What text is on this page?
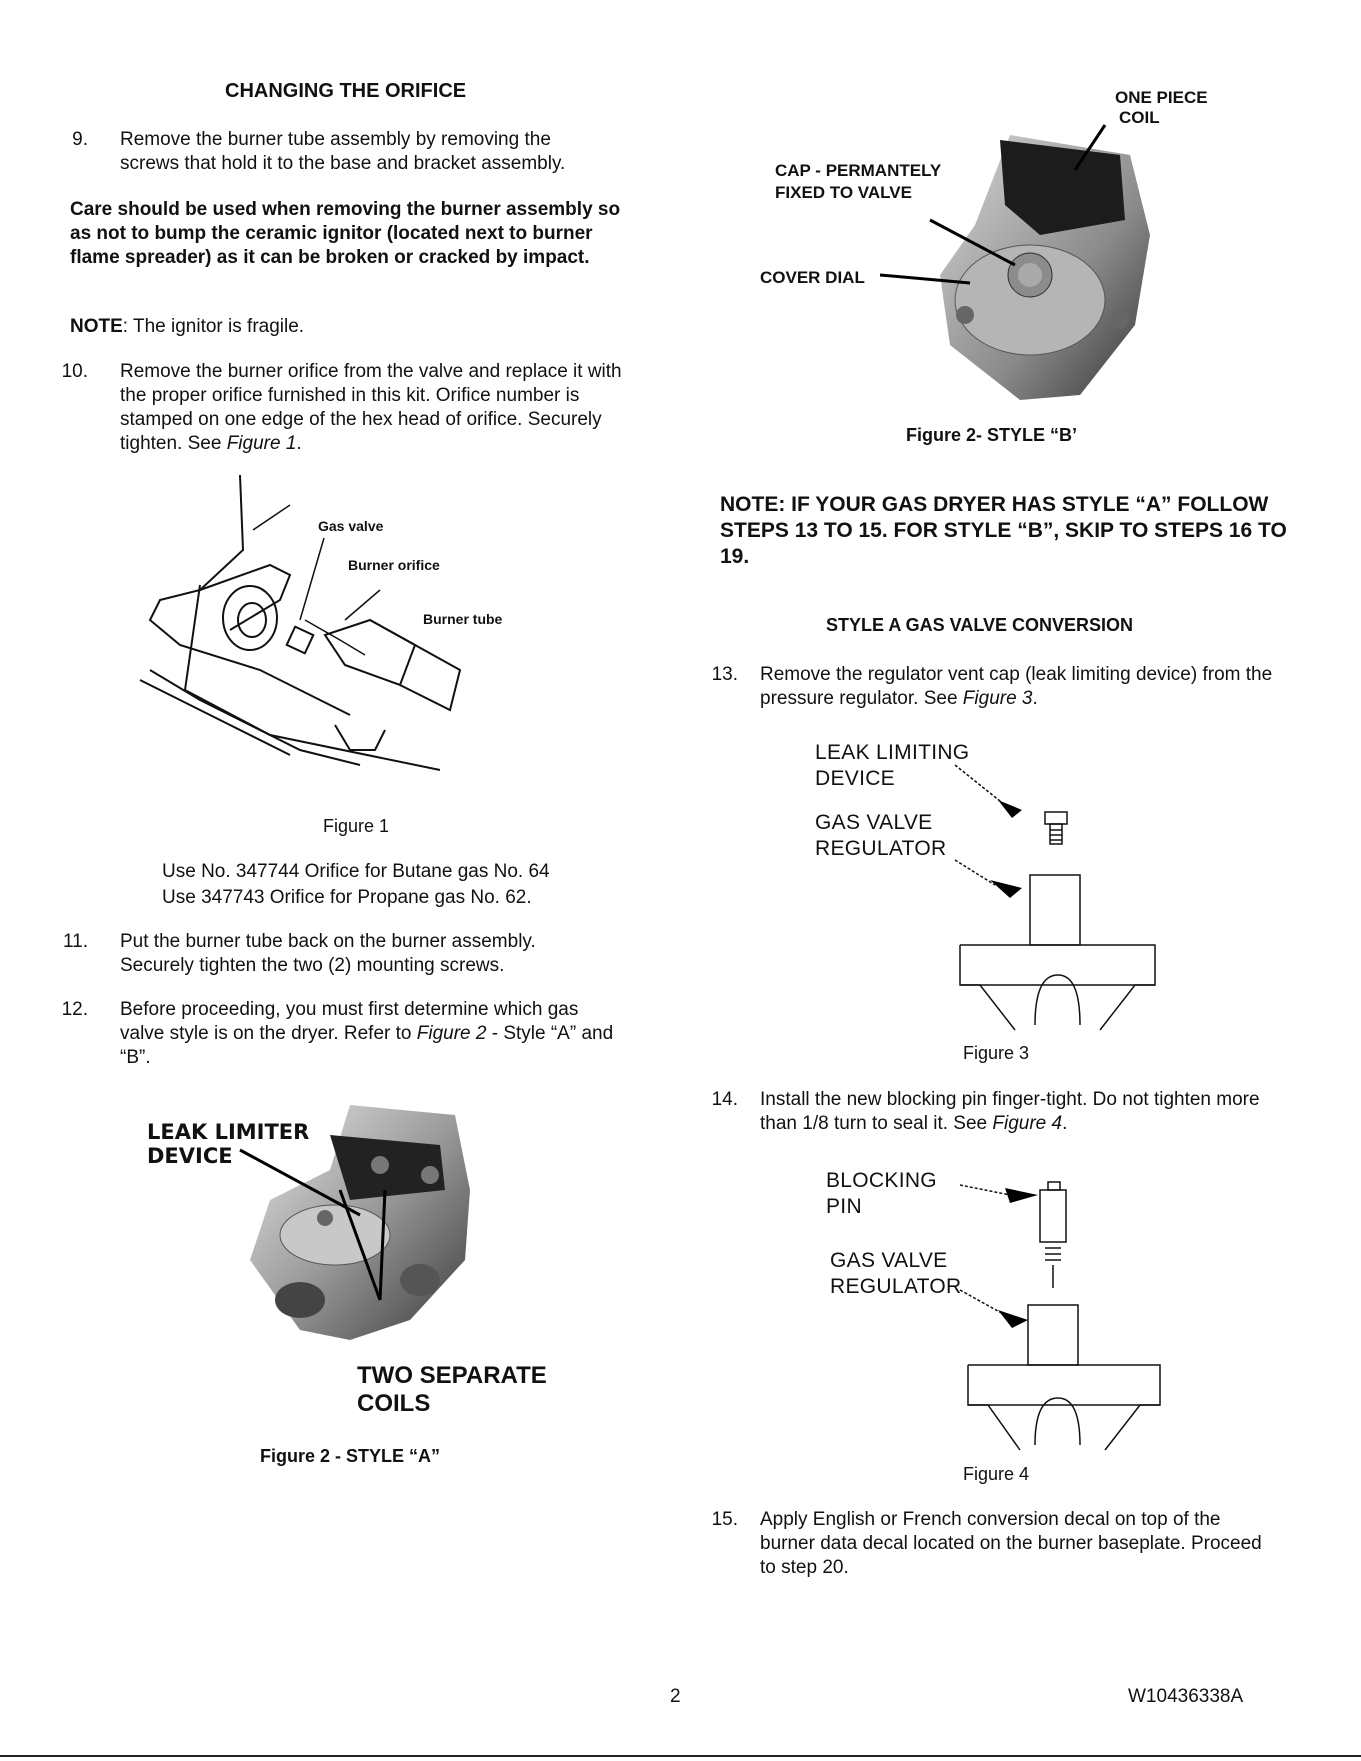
CHANGING THE ORIFICE
9. Remove the burner tube assembly by removing the screws that hold it to the base and bracket assembly.
Care should be used when removing the burner assembly so as not to bump the ceramic ignitor (located next to burner flame spreader) as it can be broken or cracked by impact.
NOTE: The ignitor is fragile.
10. Remove the burner orifice from the valve and replace it with the proper orifice furnished in this kit. Orifice number is stamped on one edge of the hex head of orifice. Securely tighten. See Figure 1.
Gas valve
Burner orifice
Burner tube
Figure 1
Use No. 347744 Orifice for Butane gas No. 64
Use 347743 Orifice for Propane gas No. 62.
11. Put the burner tube back on the burner assembly. Securely tighten the two (2) mounting screws.
12. Before proceeding, you must first determine which gas valve style is on the dryer. Refer to Figure 2 - Style “A” and “B”.
LEAK LIMITER
DEVICE
TWO SEPARATE
COILS
Figure 2 - STYLE “A”
ONE PIECE
COIL
CAP - PERMANTELY
FIXED TO VALVE
COVER DIAL
Figure 2- STYLE “B’
NOTE: IF YOUR GAS DRYER HAS STYLE “A” FOLLOW STEPS 13 TO 15. FOR STYLE “B”, SKIP TO STEPS 16 TO 19.
STYLE A GAS VALVE CONVERSION
13. Remove the regulator vent cap (leak limiting device) from the pressure regulator. See Figure 3.
LEAK LIMITING
DEVICE
GAS VALVE
REGULATOR
Figure 3
14. Install the new blocking pin finger-tight. Do not tighten more than 1/8 turn to seal it. See Figure 4.
BLOCKING
PIN
GAS VALVE
REGULATOR
Figure 4
15. Apply English or French conversion decal on top of the burner data decal located on the burner baseplate. Proceed to step 20.
2	W10436338A
